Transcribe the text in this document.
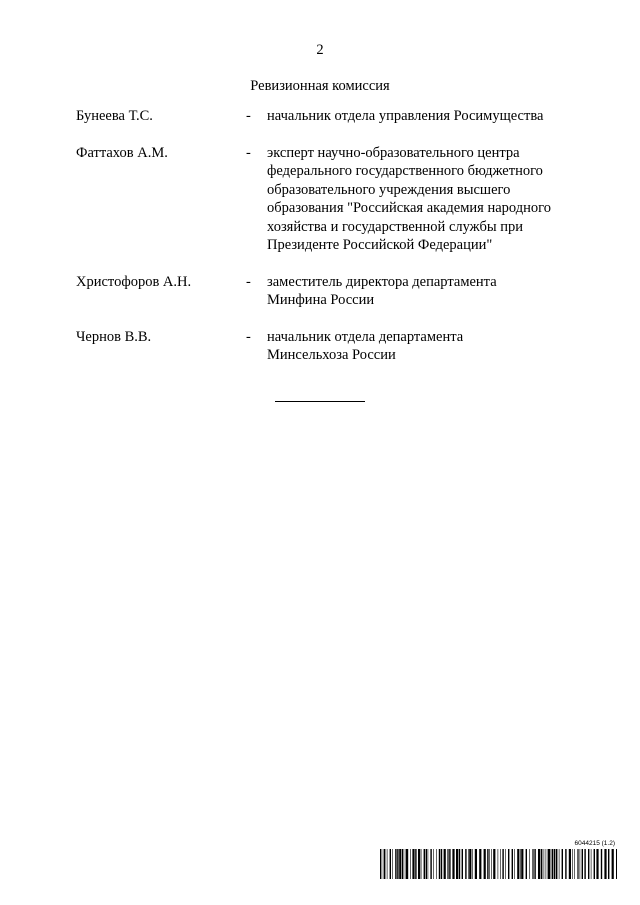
2
Ревизионная комиссия
Бунеева Т.С.	-	начальник отдела управления Росимущества
Фаттахов А.М.	-	эксперт научно-образовательного центра
федерального государственного бюджетного
образовательного учреждения высшего
образования "Российская академия народного
хозяйства и государственной службы при
Президенте Российской Федерации"
Христофоров А.Н.	-	заместитель директора департамента
Минфина России
Чернов В.В.	-	начальник отдела департамента
Минсельхоза России
6044215 (1.2)
